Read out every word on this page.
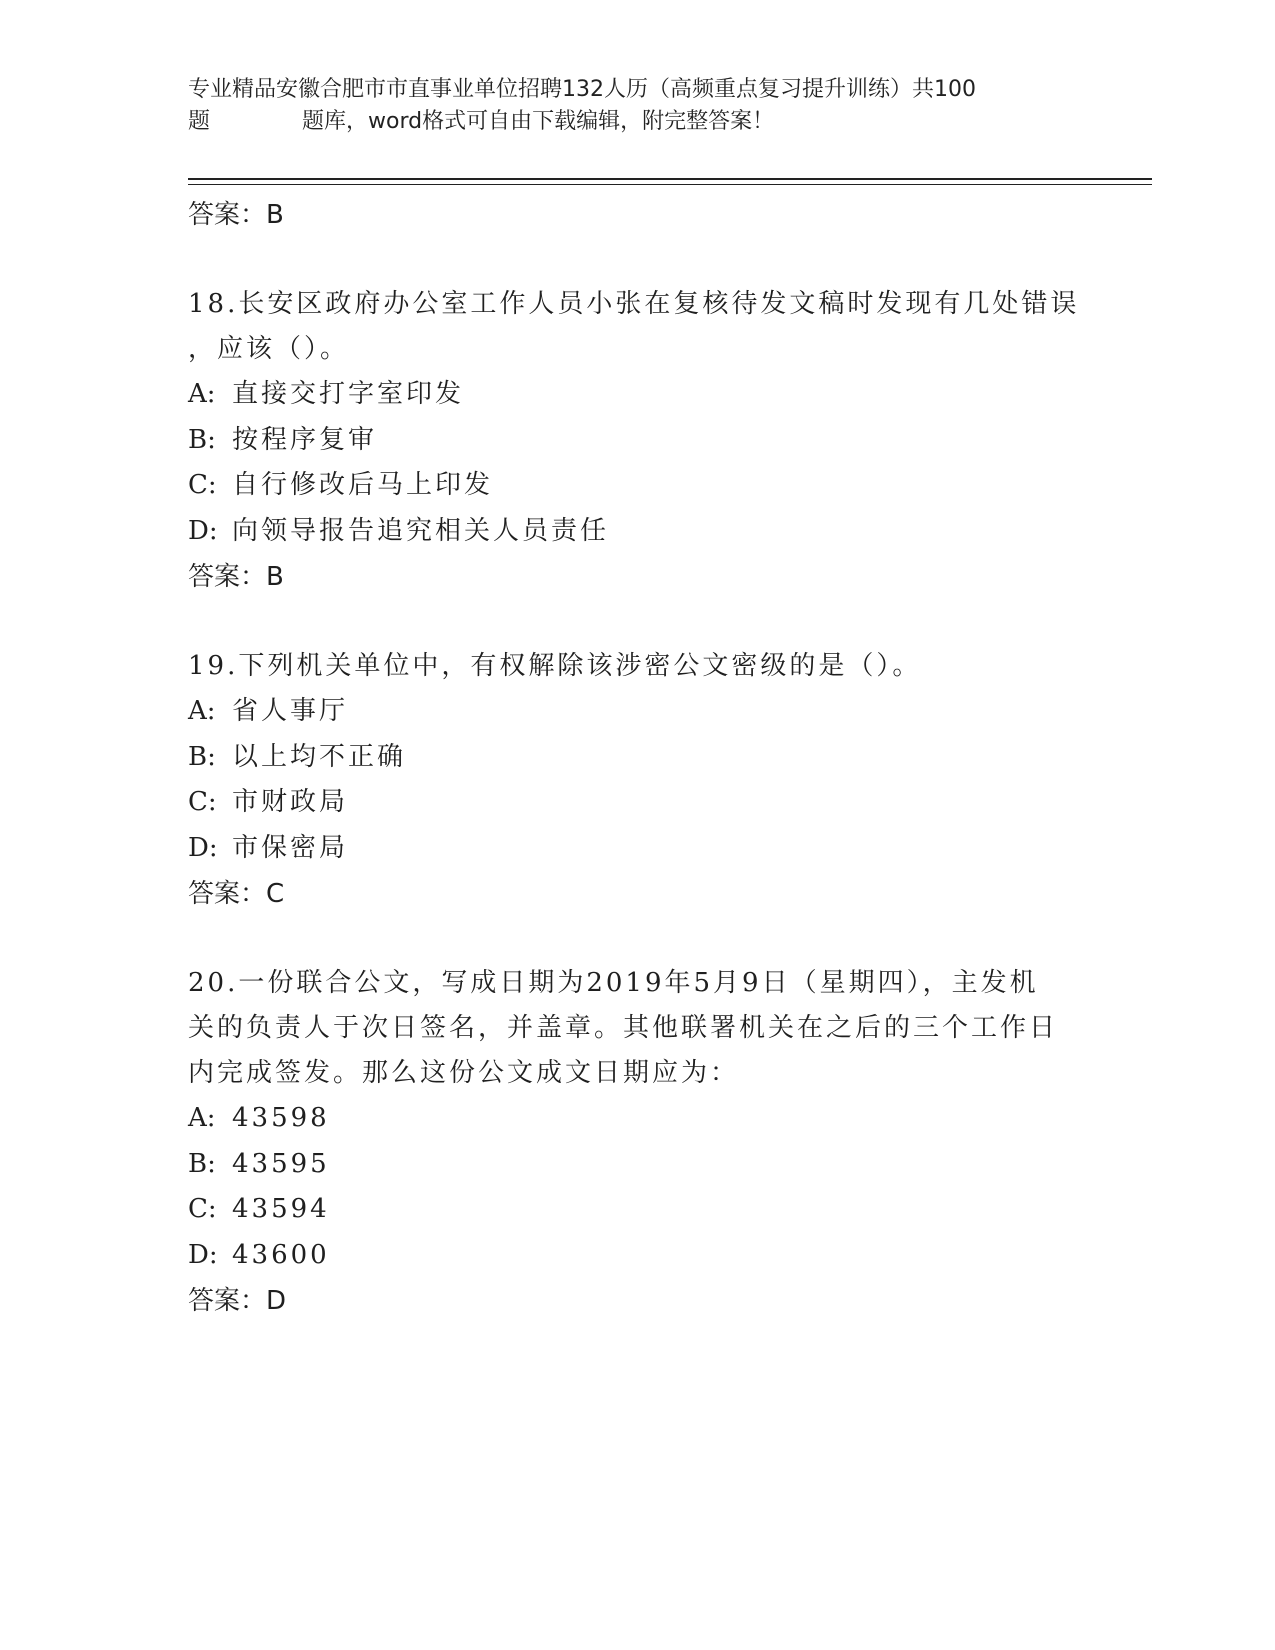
专业精品安徽合肥市市直事业单位招聘132人历（高频重点复习提升训练）共100
题	题库，word格式可自由下载编辑，附完整答案！

答案：B

18.长安区政府办公室工作人员小张在复核待发文稿时发现有几处错误

，应该（）。

A: 直接交打字室印发
B: 按程序复审
C: 自行修改后马上印发
D: 向领导报告追究相关人员责任

答案：B

19.下列机关单位中，有权解除该涉密公文密级的是（）。

A: 省人事厅
B: 以上均不正确
C: 市财政局
D: 市保密局

答案：C

20.一份联合公文，写成日期为2019年5月9日（星期四），主发机

关的负责人于次日签名，并盖章。其他联署机关在之后的三个工作日

内完成签发。那么这份公文成文日期应为：

A: 43598
B: 43595
C: 43594
D: 43600

答案：D
